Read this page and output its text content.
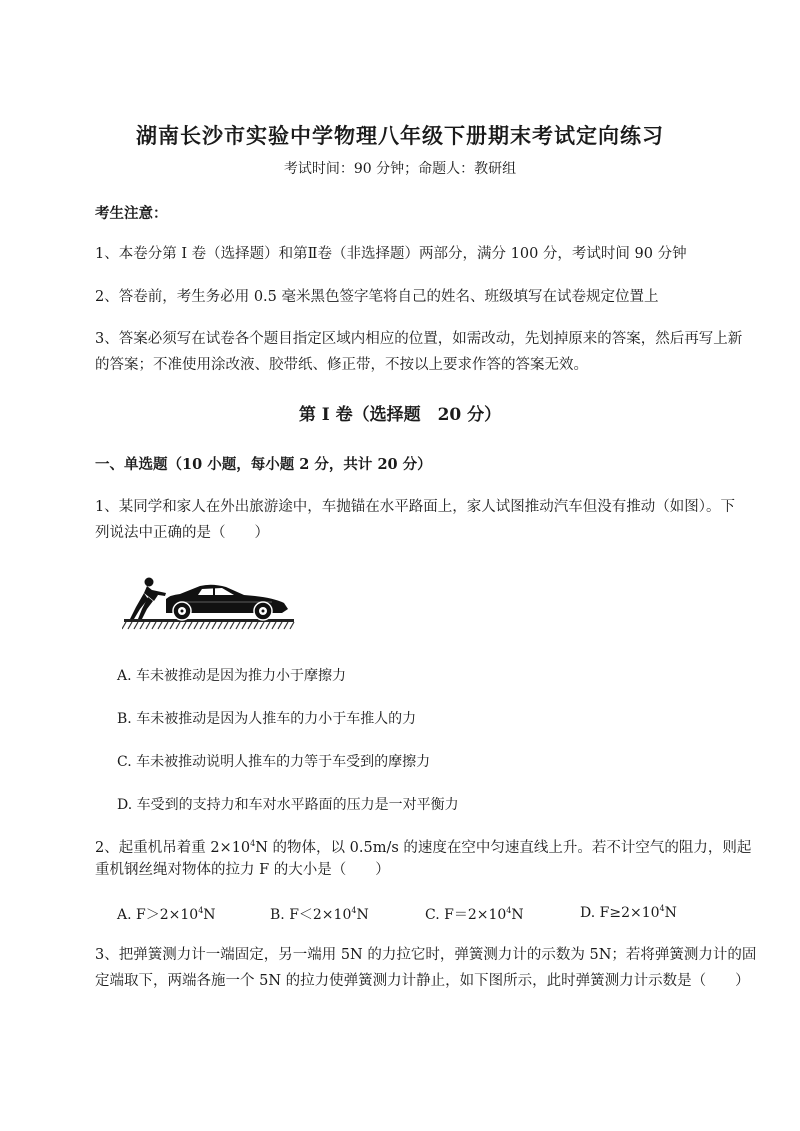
湖南长沙市实验中学物理八年级下册期末考试定向练习
考试时间：90 分钟；命题人：教研组
考生注意：
1、本卷分第 I 卷（选择题）和第Ⅱ卷（非选择题）两部分，满分 100 分，考试时间 90 分钟
2、答卷前，考生务必用 0.5 毫米黑色签字笔将自己的姓名、班级填写在试卷规定位置上
3、答案必须写在试卷各个题目指定区域内相应的位置，如需改动，先划掉原来的答案，然后再写上新
的答案；不准使用涂改液、胶带纸、修正带，不按以上要求作答的答案无效。
第 I 卷（选择题　20 分）
一、单选题（10 小题，每小题 2 分，共计 20 分）
1、某同学和家人在外出旅游途中，车抛锚在水平路面上，家人试图推动汽车但没有推动（如图）。下
列说法中正确的是（　　）
A. 车未被推动是因为推力小于摩擦力
B. 车未被推动是因为人推车的力小于车推人的力
C. 车未被推动说明人推车的力等于车受到的摩擦力
D. 车受到的支持力和车对水平路面的压力是一对平衡力
2、起重机吊着重 $2\times 10^4N$ 的物体，以 0.5m/s 的速度在空中匀速直线上升。若不计空气的阻力，则起
重机钢丝绳对物体的拉力 F 的大小是（　　）
A. $F>2\times 10^4N$	B. $F<2\times 10^4N$	C. $F=2\times 10^4N$	D. $F\ge 2\times 10^4N$
3、把弹簧测力计一端固定，另一端用 5N 的力拉它时，弹簧测力计的示数为 5N；若将弹簧测力计的固
定端取下，两端各施一个 5N 的拉力使弹簧测力计静止，如下图所示，此时弹簧测力计示数是（　　）
